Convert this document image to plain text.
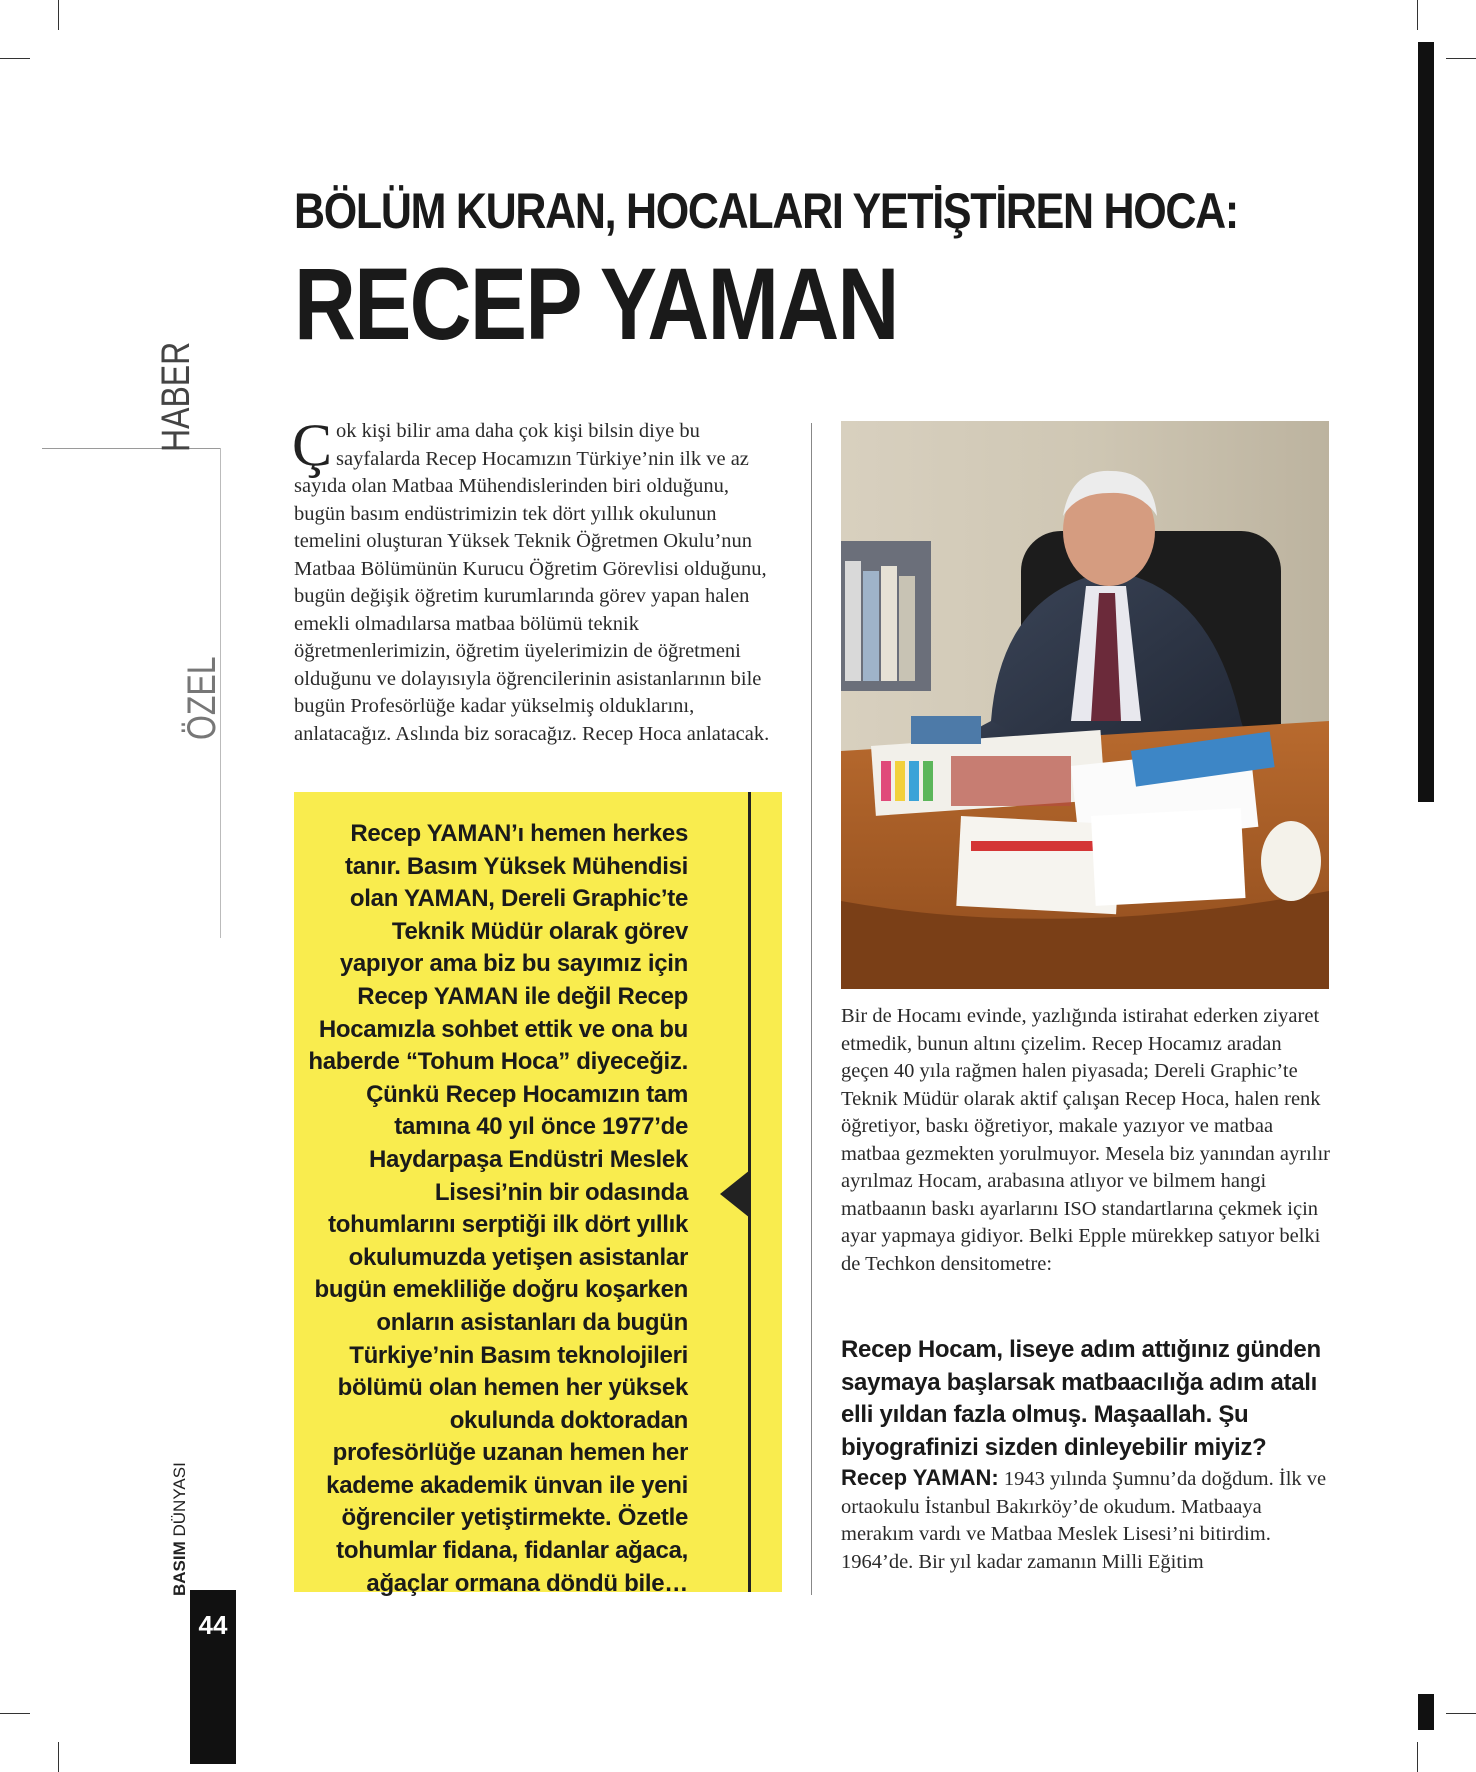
HABER
ÖZEL
BÖLÜM KURAN, HOCALARI YETİŞTİREN HOCA:
RECEP YAMAN
Çok kişi bilir ama daha çok kişi bilsin diye bu sayfalarda Recep Hocamızın Türkiye’nin ilk ve az sayıda olan Matbaa Mühendislerinden biri olduğunu, bugün basım endüstrimizin tek dört yıllık okulunun temelini oluşturan Yüksek Teknik Öğretmen Okulu’nun Matbaa Bölümünün Kurucu Öğretim Görevlisi olduğunu, bugün değişik öğretim kurumlarında görev yapan halen emekli olmadılarsa matbaa bölümü teknik öğretmenlerimizin, öğretim üyelerimizin de öğretmeni olduğunu ve dolayısıyla öğrencilerinin asistanlarının bile bugün Profesörlüğe kadar yükselmiş olduklarını, anlatacağız. Aslında biz soracağız. Recep Hoca anlatacak.
Recep YAMAN’ı hemen herkes tanır. Basım Yüksek Mühendisi olan YAMAN, Dereli Graphic’te Teknik Müdür olarak görev yapıyor ama biz bu sayımız için Recep YAMAN ile değil Recep Hocamızla sohbet ettik ve ona bu haberde “Tohum Hoca” diyeceğiz. Çünkü Recep Hocamızın tam tamına 40 yıl önce 1977’de Haydarpaşa Endüstri Meslek Lisesi’nin bir odasında tohumlarını serptiği ilk dört yıllık okulumuzda yetişen asistanlar bugün emekliliğe doğru koşarken onların asistanları da bugün Türkiye’nin Basım teknolojileri bölümü olan hemen her yüksek okulunda doktoradan profesörlüğe uzanan hemen her kademe akademik ünvan ile yeni öğrenciler yetiştirmekte. Özetle tohumlar fidana, fidanlar ağaca, ağaçlar ormana döndü bile…
Bir de Hocamı evinde, yazlığında istirahat ederken ziyaret etmedik, bunun altını çizelim. Recep Hocamız aradan geçen 40 yıla rağmen halen piyasada; Dereli Graphic’te Teknik Müdür olarak aktif çalışan Recep Hoca, halen renk öğretiyor, baskı öğretiyor, makale yazıyor ve matbaa matbaa gezmekten yorulmuyor. Mesela biz yanından ayrılır ayrılmaz Hocam, arabasına atlıyor ve bilmem hangi matbaanın baskı ayarlarını ISO standartlarına çekmek için ayar yapmaya gidiyor. Belki Epple mürekkep satıyor belki de Techkon densitometre:
Recep Hocam, liseye adım attığınız günden saymaya başlarsak matbaacılığa adım atalı elli yıldan fazla olmuş. Maşaallah. Şu biyografinizi sizden dinleyebilir miyiz?
Recep YAMAN: 1943 yılında Şumnu’da doğdum. İlk ve ortaokulu İstanbul Bakırköy’de okudum. Matbaaya merakım vardı ve Matbaa Meslek Lisesi’ni bitirdim. 1964’de. Bir yıl kadar zamanın Milli Eğitim
BASIM DÜNYASI
44
